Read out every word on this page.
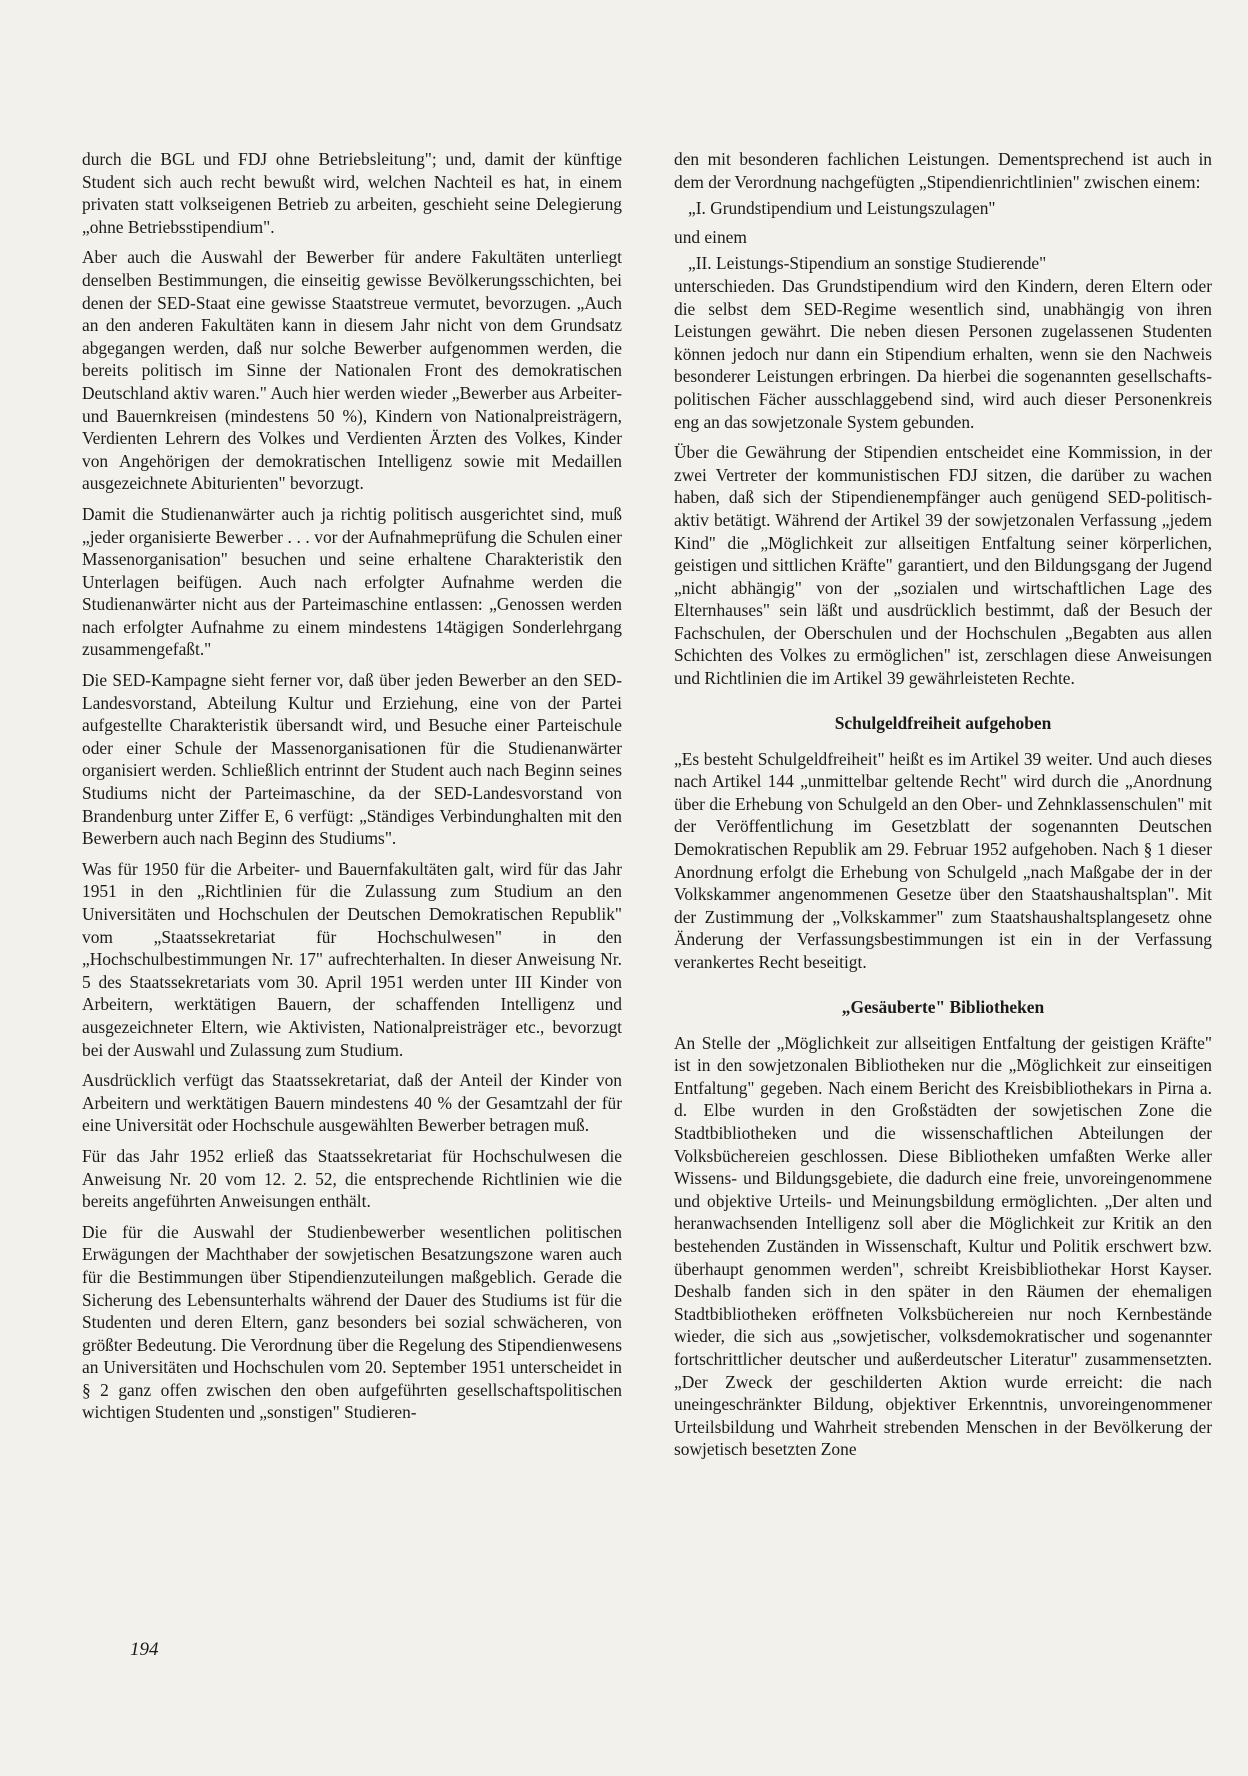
durch die BGL und FDJ ohne Betriebsleitung"; und, damit der künftige Student sich auch recht bewußt wird, welchen Nachteil es hat, in einem privaten statt volkseigenen Betrieb zu arbeiten, geschieht seine Delegierung „ohne Betriebsstipendium".

Aber auch die Auswahl der Bewerber für andere Fakultäten unterliegt denselben Bestimmungen, die einseitig gewisse Bevölkerungsschichten, bei denen der SED-Staat eine gewisse Staatstreue vermutet, bevorzugen. „Auch an den anderen Fakultäten kann in diesem Jahr nicht von dem Grundsatz abgegangen werden, daß nur solche Bewerber aufgenommen werden, die bereits politisch im Sinne der Nationalen Front des demokratischen Deutschland aktiv waren." Auch hier werden wieder „Bewerber aus Arbeiter- und Bauernkreisen (mindestens 50 %), Kindern von Nationalpreisträgern, Verdienten Lehrern des Volkes und Verdienten Ärzten des Volkes, Kinder von Angehörigen der demokratischen Intelligenz sowie mit Medaillen ausgezeichnete Abiturienten" bevorzugt.

Damit die Studienanwärter auch ja richtig politisch ausgerichtet sind, muß „jeder organisierte Bewerber . . . vor der Aufnahmeprüfung die Schulen einer Massenorganisation" besuchen und seine erhaltene Charakteristik den Unterlagen beifügen. Auch nach erfolgter Aufnahme werden die Studienanwärter nicht aus der Parteimaschine entlassen: „Genossen werden nach erfolgter Aufnahme zu einem mindestens 14tägigen Sonderlehrgang zusammengefaßt."

Die SED-Kampagne sieht ferner vor, daß über jeden Bewerber an den SED-Landesvorstand, Abteilung Kultur und Erziehung, eine von der Partei aufgestellte Charakteristik übersandt wird, und Besuche einer Parteischule oder einer Schule der Massenorganisationen für die Studienanwärter organisiert werden. Schließlich entrinnt der Student auch nach Beginn seines Studiums nicht der Parteimaschine, da der SED-Landesvorstand von Brandenburg unter Ziffer E, 6 verfügt: „Ständiges Verbindunghalten mit den Bewerbern auch nach Beginn des Studiums".

Was für 1950 für die Arbeiter- und Bauernfakultäten galt, wird für das Jahr 1951 in den „Richtlinien für die Zulassung zum Studium an den Universitäten und Hochschulen der Deutschen Demokratischen Republik" vom „Staatssekretariat für Hochschulwesen" in den „Hochschulbestimmungen Nr. 17" aufrechterhalten. In dieser Anweisung Nr. 5 des Staatssekretariats vom 30. April 1951 werden unter III Kinder von Arbeitern, werktätigen Bauern, der schaffenden Intelligenz und ausgezeichneter Eltern, wie Aktivisten, Nationalpreisträger etc., bevorzugt bei der Auswahl und Zulassung zum Studium.

Ausdrücklich verfügt das Staatssekretariat, daß der Anteil der Kinder von Arbeitern und werktätigen Bauern mindestens 40 % der Gesamtzahl der für eine Universität oder Hochschule ausgewählten Bewerber betragen muß.

Für das Jahr 1952 erließ das Staatssekretariat für Hochschulwesen die Anweisung Nr. 20 vom 12. 2. 52, die entsprechende Richtlinien wie die bereits angeführten Anweisungen enthält.

Die für die Auswahl der Studienbewerber wesentlichen politischen Erwägungen der Machthaber der sowjetischen Besatzungszone waren auch für die Bestimmungen über Stipendienzuteilungen maßgeblich. Gerade die Sicherung des Lebensunterhalts während der Dauer des Studiums ist für die Studenten und deren Eltern, ganz besonders bei sozial schwächeren, von größter Bedeutung. Die Verordnung über die Regelung des Stipendienwesens an Universitäten und Hochschulen vom 20. September 1951 unterscheidet in § 2 ganz offen zwischen den oben aufgeführten gesellschaftspolitischen wichtigen Studenten und „sonstigen" Studieren-

den mit besonderen fachlichen Leistungen. Dementsprechend ist auch in dem der Verordnung nachgefügten „Stipendienrichtlinien" zwischen einem:

„I. Grundstipendium und Leistungszulagen"

und einem

„II. Leistungs-Stipendium an sonstige Studierende"

unterschieden. Das Grundstipendium wird den Kindern, deren Eltern oder die selbst dem SED-Regime wesentlich sind, unabhängig von ihren Leistungen gewährt. Die neben diesen Personen zugelassenen Studenten können jedoch nur dann ein Stipendium erhalten, wenn sie den Nachweis besonderer Leistungen erbringen. Da hierbei die sogenannten gesellschafts-politischen Fächer ausschlaggebend sind, wird auch dieser Personenkreis eng an das sowjetzonale System gebunden.

Über die Gewährung der Stipendien entscheidet eine Kommission, in der zwei Vertreter der kommunistischen FDJ sitzen, die darüber zu wachen haben, daß sich der Stipendienempfänger auch genügend SED-politisch-aktiv betätigt. Während der Artikel 39 der sowjetzonalen Verfassung „jedem Kind" die „Möglichkeit zur allseitigen Entfaltung seiner körperlichen, geistigen und sittlichen Kräfte" garantiert, und den Bildungsgang der Jugend „nicht abhängig" von der „sozialen und wirtschaftlichen Lage des Elternhauses" sein läßt und ausdrücklich bestimmt, daß der Besuch der Fachschulen, der Oberschulen und der Hochschulen „Begabten aus allen Schichten des Volkes zu ermöglichen" ist, zerschlagen diese Anweisungen und Richtlinien die im Artikel 39 gewährleisteten Rechte.

Schulgeldfreiheit aufgehoben

„Es besteht Schulgeldfreiheit" heißt es im Artikel 39 weiter. Und auch dieses nach Artikel 144 „unmittelbar geltende Recht" wird durch die „Anordnung über die Erhebung von Schulgeld an den Ober- und Zehnklassenschulen" mit der Veröffentlichung im Gesetzblatt der sogenannten Deutschen Demokratischen Republik am 29. Februar 1952 aufgehoben. Nach § 1 dieser Anordnung erfolgt die Erhebung von Schulgeld „nach Maßgabe der in der Volkskammer angenommenen Gesetze über den Staatshaushaltsplan". Mit der Zustimmung der „Volkskammer" zum Staatshaushaltsplangesetz ohne Änderung der Verfassungsbestimmungen ist ein in der Verfassung verankertes Recht beseitigt.

„Gesäuberte" Bibliotheken

An Stelle der „Möglichkeit zur allseitigen Entfaltung der geistigen Kräfte" ist in den sowjetzonalen Bibliotheken nur die „Möglichkeit zur einseitigen Entfaltung" gegeben. Nach einem Bericht des Kreisbibliothekars in Pirna a. d. Elbe wurden in den Großstädten der sowjetischen Zone die Stadtbibliotheken und die wissenschaftlichen Abteilungen der Volksbüchereien geschlossen. Diese Bibliotheken umfaßten Werke aller Wissens- und Bildungsgebiete, die dadurch eine freie, unvoreingenommene und objektive Urteils- und Meinungsbildung ermöglichten. „Der alten und heranwachsenden Intelligenz soll aber die Möglichkeit zur Kritik an den bestehenden Zuständen in Wissenschaft, Kultur und Politik erschwert bzw. überhaupt genommen werden", schreibt Kreisbibliothekar Horst Kayser. Deshalb fanden sich in den später in den Räumen der ehemaligen Stadtbibliotheken eröffneten Volksbüchereien nur noch Kernbestände wieder, die sich aus „sowjetischer, volksdemokratischer und sogenannter fortschrittlicher deutscher und außerdeutscher Literatur" zusammensetzten. „Der Zweck der geschilderten Aktion wurde erreicht: die nach uneingeschränkter Bildung, objektiver Erkenntnis, unvoreingenommener Urteilsbildung und Wahrheit strebenden Menschen in der Bevölkerung der sowjetisch besetzten Zone

194
